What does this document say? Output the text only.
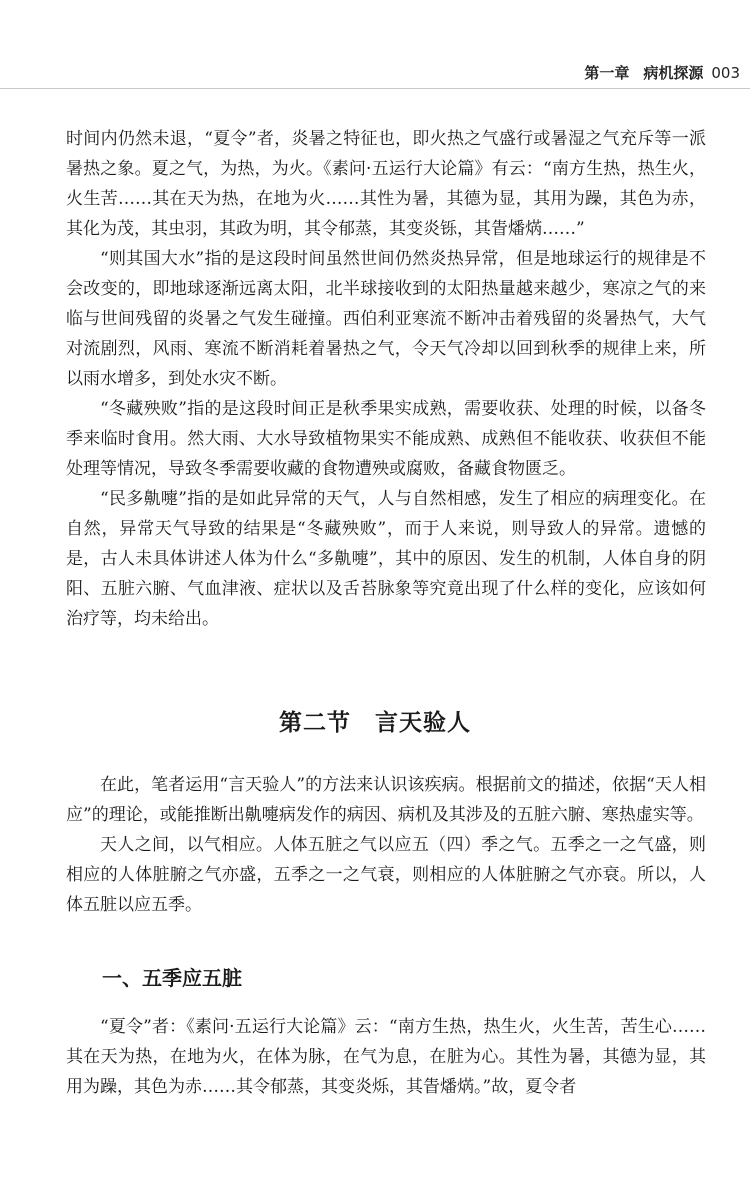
第一章 病机探源 003

时间内仍然未退，“夏令”者，炎暑之特征也，即火热之气盛行或暑湿之气充斥等一派暑热之象。夏之气，为热，为火。《素问·五运行大论篇》有云：“南方生热，热生火，火生苦……其在天为热，在地为火……其性为暑，其德为显，其用为躁，其色为赤，其化为茂，其虫羽，其政为明，其令郁蒸，其变炎铄，其眚燔焫……”

“则其国大水”指的是这段时间虽然世间仍然炎热异常，但是地球运行的规律是不会改变的，即地球逐渐远离太阳，北半球接收到的太阳热量越来越少，寒凉之气的来临与世间残留的炎暑之气发生碰撞。西伯利亚寒流不断冲击着残留的炎暑热气，大气对流剧烈，风雨、寒流不断消耗着暑热之气，令天气冷却以回到秋季的规律上来，所以雨水增多，到处水灾不断。

“冬藏殃败”指的是这段时间正是秋季果实成熟，需要收获、处理的时候，以备冬季来临时食用。然大雨、大水导致植物果实不能成熟、成熟但不能收获、收获但不能处理等情况，导致冬季需要收藏的食物遭殃或腐败，备藏食物匮乏。

“民多鼽嚏”指的是如此异常的天气，人与自然相感，发生了相应的病理变化。在自然，异常天气导致的结果是“冬藏殃败”，而于人来说，则导致人的异常。遗憾的是，古人未具体讲述人体为什么“多鼽嚏”，其中的原因、发生的机制，人体自身的阴阳、五脏六腑、气血津液、症状以及舌苔脉象等究竟出现了什么样的变化，应该如何治疗等，均未给出。

第二节　言天验人

在此，笔者运用“言天验人”的方法来认识该疾病。根据前文的描述，依据“天人相应”的理论，或能推断出鼽嚏病发作的病因、病机及其涉及的五脏六腑、寒热虚实等。

天人之间，以气相应。人体五脏之气以应五（四）季之气。五季之一之气盛，则相应的人体脏腑之气亦盛，五季之一之气衰，则相应的人体脏腑之气亦衰。所以，人体五脏以应五季。

一、五季应五脏

“夏令”者：《素问·五运行大论篇》云：“南方生热，热生火，火生苦，苦生心……其在天为热，在地为火，在体为脉，在气为息，在脏为心。其性为暑，其德为显，其用为躁，其色为赤……其令郁蒸，其变炎烁，其眚燔焫。”故，夏令者
